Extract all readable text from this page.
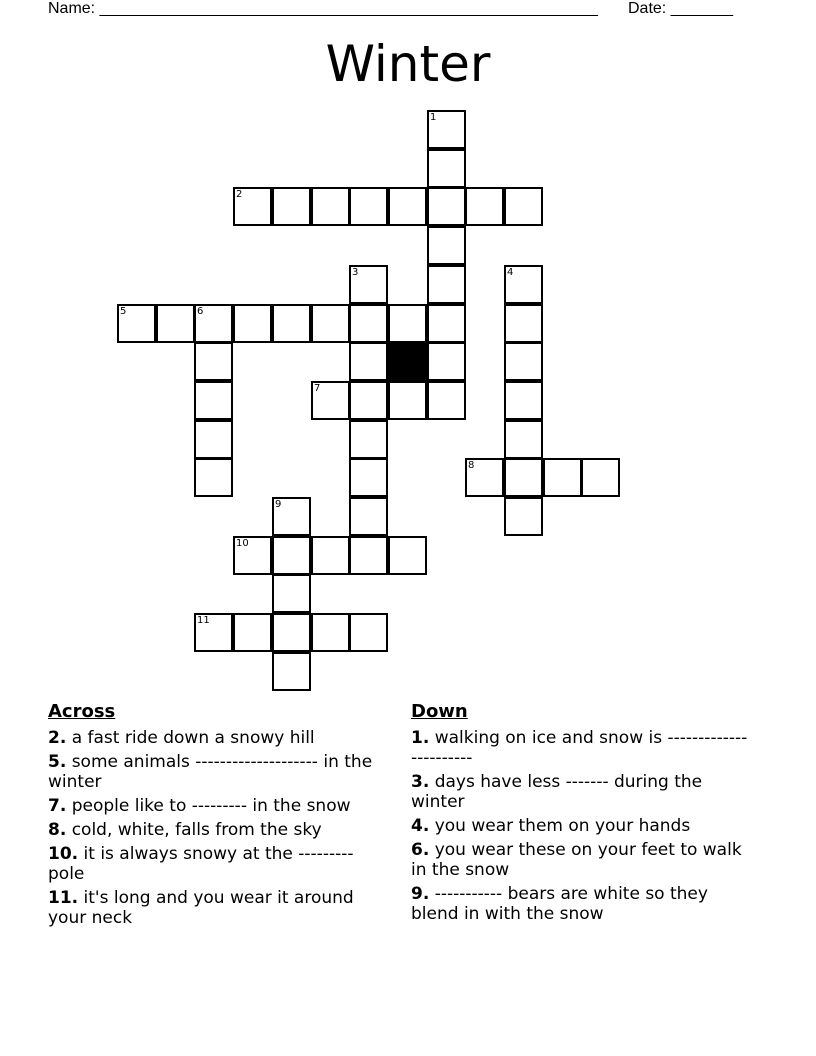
Name: ________________________________________________________ Date: _______
Winter
1
2
3	4
5	6
7
8
9
10
11
Across
2. a fast ride down a snowy hill
5. some animals -------------------- in the winter
7. people like to --------- in the snow
8. cold, white, falls from the sky
10. it is always snowy at the --------- pole
11. it's long and you wear it around your neck
Down
1. walking on ice and snow is -----------------------
3. days have less ------- during the winter
4. you wear them on your hands
6. you wear these on your feet to walk in the snow
9. ----------- bears are white so they blend in with the snow
